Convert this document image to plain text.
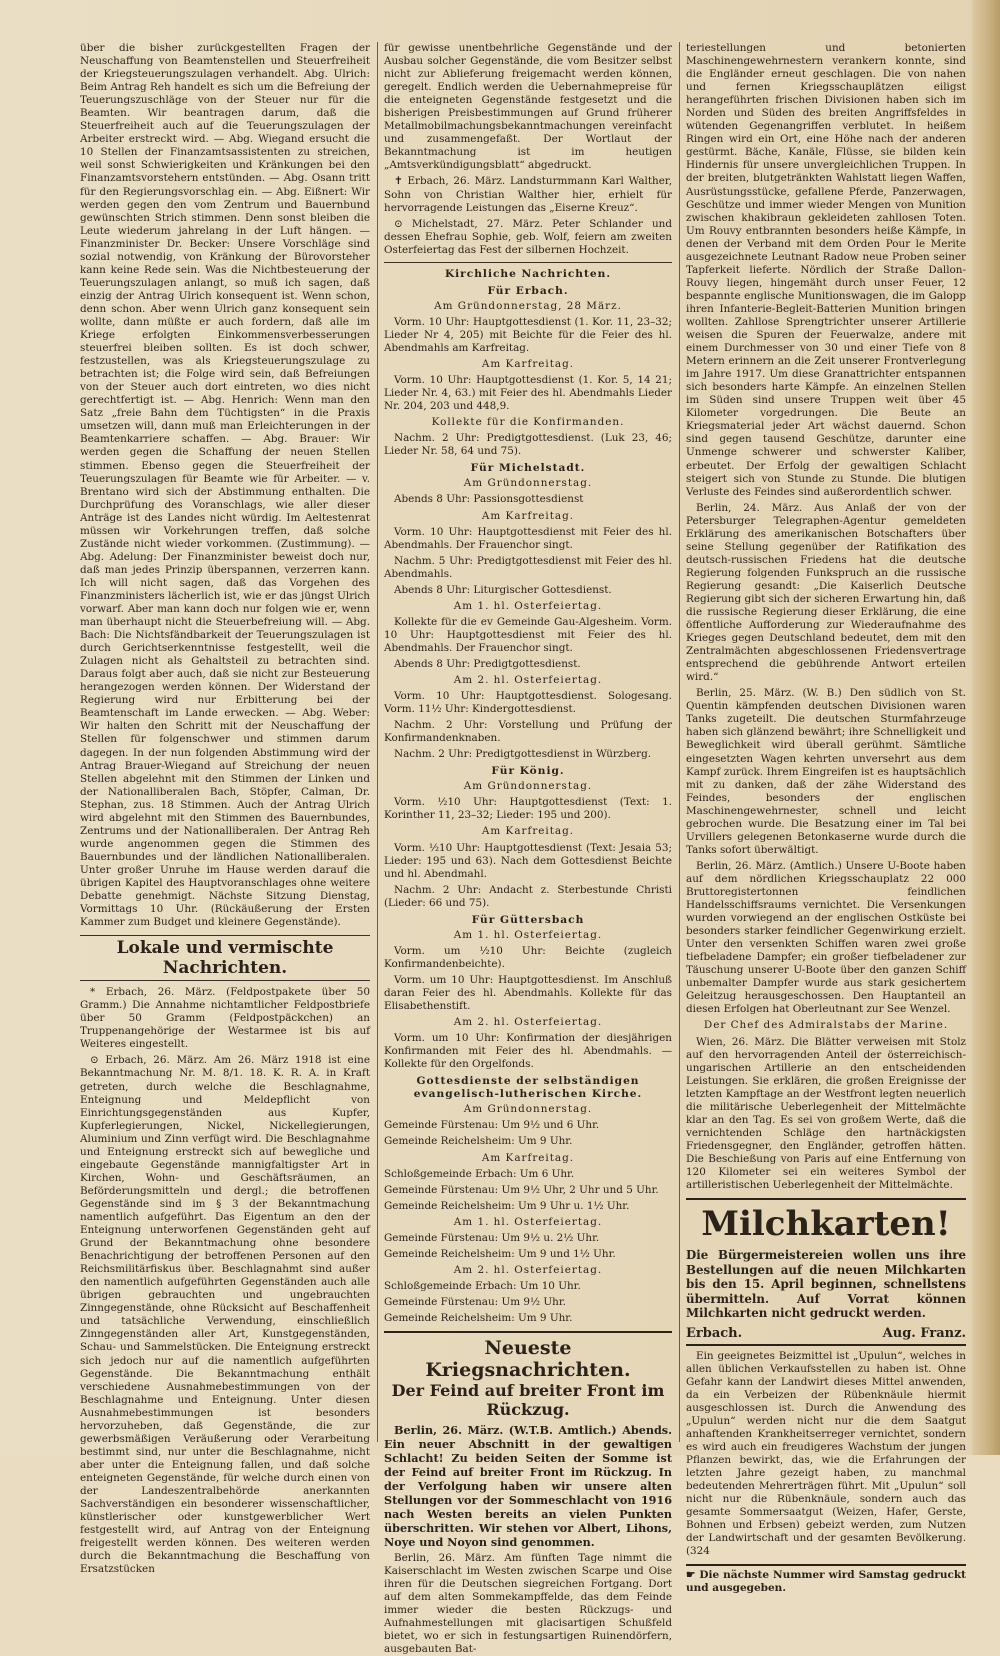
über die bisher zurückgestellten Fragen der Neuschaffung von Beamtenstellen und Steuerfreiheit der Kriegsteuerungszulagen verhandelt. Abg. Ulrich: Beim Antrag Reh handelt es sich um die Befreiung der Teuerungszuschläge von der Steuer nur für die Beamten. Wir beantragen darum, daß die Steuerfreiheit auch auf die Teuerungszulagen der Arbeiter erstreckt wird. — Abg. Wiegand ersucht die 10 Stellen der Finanzamtsassistenten zu streichen, weil sonst Schwierigkeiten und Kränkungen bei den Finanzamtsvorstehern entstünden. — Abg. Osann tritt für den Regierungsvorschlag ein. — Abg. Eißnert: Wir werden gegen den vom Zentrum und Bauernbund gewünschten Strich stimmen. Denn sonst bleiben die Leute wiederum jahrelang in der Luft hängen. — Finanzminister Dr. Becker: Unsere Vorschläge sind sozial notwendig, von Kränkung der Bürovorsteher kann keine Rede sein. Was die Nichtbesteuerung der Teuerungszulagen anlangt, so muß ich sagen, daß einzig der Antrag Ulrich konsequent ist. Wenn schon, denn schon. Aber wenn Ulrich ganz konsequent sein wollte, dann müßte er auch fordern, daß alle im Kriege erfolgten Einkommensverbesserungen steuerfrei bleiben sollten. Es ist doch schwer, festzustellen, was als Kriegsteuerungszulage zu betrachten ist; die Folge wird sein, daß Befreiungen von der Steuer auch dort eintreten, wo dies nicht gerechtfertigt ist. — Abg. Henrich: Wenn man den Satz „freie Bahn dem Tüchtigsten“ in die Praxis umsetzen will, dann muß man Erleichterungen in der Beamtenkarriere schaffen. — Abg. Brauer: Wir werden gegen die Schaffung der neuen Stellen stimmen. Ebenso gegen die Steuerfreiheit der Teuerungszulagen für Beamte wie für Arbeiter. — v. Brentano wird sich der Abstimmung enthalten. Die Durchprüfung des Voranschlags, wie aller dieser Anträge ist des Landes nicht würdig. Im Aeltestenrat müssen wir Vorkehrungen treffen, daß solche Zustände nicht wieder vorkommen. (Zustimmung). — Abg. Adelung: Der Finanzminister beweist doch nur, daß man jedes Prinzip überspannen, verzerren kann. Ich will nicht sagen, daß das Vorgehen des Finanzministers lächerlich ist, wie er das jüngst Ulrich vorwarf. Aber man kann doch nur folgen wie er, wenn man überhaupt nicht die Steuerbefreiung will. — Abg. Bach: Die Nichtsfändbarkeit der Teuerungszulagen ist durch Gerichtserkenntnisse festgestellt, weil die Zulagen nicht als Gehaltsteil zu betrachten sind. Daraus folgt aber auch, daß sie nicht zur Besteuerung herangezogen werden können. Der Widerstand der Regierung wird nur Erbitterung bei der Beamtenschaft im Lande erwecken. — Abg. Weber: Wir halten den Schritt mit der Neuschaffung der Stellen für folgenschwer und stimmen darum dagegen. In der nun folgenden Abstimmung wird der Antrag Brauer-Wiegand auf Streichung der neuen Stellen abgelehnt mit den Stimmen der Linken und der Nationalliberalen Bach, Stöpfer, Calman, Dr. Stephan, zus. 18 Stimmen. Auch der Antrag Ulrich wird abgelehnt mit den Stimmen des Bauernbundes, Zentrums und der Nationalliberalen. Der Antrag Reh wurde angenommen gegen die Stimmen des Bauernbundes und der ländlichen Nationalliberalen. Unter großer Unruhe im Hause werden darauf die übrigen Kapitel des Hauptvoranschlages ohne weitere Debatte genehmigt. Nächste Sitzung Dienstag, Vormittags 10 Uhr. (Rückäußerung der Ersten Kammer zum Budget und kleinere Gegenstände).

Lokale und vermischte Nachrichten.

* Erbach, 26. März. (Feldpostpakete über 50 Gramm.) Die Annahme nichtamtlicher Feldpostbriefe über 50 Gramm (Feldpostpäckchen) an Truppenangehörige der Westarmee ist bis auf Weiteres eingestellt.

⊙ Erbach, 26. März. Am 26. März 1918 ist eine Bekanntmachung Nr. M. 8/1. 18. K. R. A. in Kraft getreten, durch welche die Beschlagnahme, Enteignung und Meldepflicht von Einrichtungsgegenständen aus Kupfer, Kupferlegierungen, Nickel, Nickellegierungen, Aluminium und Zinn verfügt wird. Die Beschlagnahme und Enteignung erstreckt sich auf bewegliche und eingebaute Gegenstände mannigfaltigster Art in Kirchen, Wohn- und Geschäftsräumen, an Beförderungsmitteln und dergl.; die betroffenen Gegenstände sind im § 3 der Bekanntmachung namentlich aufgeführt. Das Eigentum an den der Enteignung unterworfenen Gegenständen geht auf Grund der Bekanntmachung ohne besondere Benachrichtigung der betroffenen Personen auf den Reichsmilitärfiskus über. Beschlagnahmt sind außer den namentlich aufgeführten Gegenständen auch alle übrigen gebrauchten und ungebrauchten Zinngegenstände, ohne Rücksicht auf Beschaffenheit und tatsächliche Verwendung, einschließlich Zinngegenständen aller Art, Kunstgegenständen, Schau- und Sammelstücken. Die Enteignung erstreckt sich jedoch nur auf die namentlich aufgeführten Gegenstände. Die Bekanntmachung enthält verschiedene Ausnahmebestimmungen von der Beschlagnahme und Enteignung. Unter diesen Ausnahmebestimmungen ist besonders hervorzuheben, daß Gegenstände, die zur gewerbsmäßigen Veräußerung oder Verarbeitung bestimmt sind, nur unter die Beschlagnahme, nicht aber unter die Enteignung fallen, und daß solche enteigneten Gegenstände, für welche durch einen von der Landeszentralbehörde anerkannten Sachverständigen ein besonderer wissenschaftlicher, künstlerischer oder kunstgewerblicher Wert festgestellt wird, auf Antrag von der Enteignung freigestellt werden können. Des weiteren werden durch die Bekanntmachung die Beschaffung von Ersatzstücken

für gewisse unentbehrliche Gegenstände und der Ausbau solcher Gegenstände, die vom Besitzer selbst nicht zur Ablieferung freigemacht werden können, geregelt. Endlich werden die Uebernahmepreise für die enteigneten Gegenstände festgesetzt und die bisherigen Preisbestimmungen auf Grund früherer Metallmobilmachungsbekanntmachungen vereinfacht und zusammengefaßt. Der Wortlaut der Bekanntmachung ist im heutigen „Amtsverkündigungsblatt“ abgedruckt.

✝ Erbach, 26. März. Landsturmmann Karl Walther, Sohn von Christian Walther hier, erhielt für hervorragende Leistungen das „Eiserne Kreuz“.

⊙ Michelstadt, 27. März. Peter Schlander und dessen Ehefrau Sophie, geb. Wolf, feiern am zweiten Osterfeiertag das Fest der silbernen Hochzeit.

Kirchliche Nachrichten.
Für Erbach.

Am Gründonnerstag, 28 März.

Vorm. 10 Uhr: Hauptgottesdienst (1. Kor. 11, 23–32; Lieder Nr 4, 205) mit Beichte für die Feier des hl. Abendmahls am Karfreitag.

Am Karfreitag.

Vorm. 10 Uhr: Hauptgottesdienst (1. Kor. 5, 14 21; Lieder Nr. 4, 63.) mit Feier des hl. Abendmahls Lieder Nr. 204, 203 und 448,9.

Kollekte für die Konfirmanden.

Nachm. 2 Uhr: Predigtgottesdienst. (Luk 23, 46; Lieder Nr. 58, 64 und 75).

Für Michelstadt.

Am Gründonnerstag.

Abends 8 Uhr: Passionsgottesdienst

Am Karfreitag.

Vorm. 10 Uhr: Hauptgottesdienst mit Feier des hl. Abendmahls. Der Frauenchor singt.

Nachm. 5 Uhr: Predigtgottesdienst mit Feier des hl. Abendmahls.

Abends 8 Uhr: Liturgischer Gottesdienst.

Am 1. hl. Osterfeiertag.

Kollekte für die ev Gemeinde Gau-Algesheim. Vorm. 10 Uhr: Hauptgottesdienst mit Feier des hl. Abendmahls. Der Frauenchor singt.

Abends 8 Uhr: Predigtgottesdienst.

Am 2. hl. Osterfeiertag.

Vorm. 10 Uhr: Hauptgottesdienst. Sologesang. Vorm. 11½ Uhr: Kindergottesdienst.

Nachm. 2 Uhr: Vorstellung und Prüfung der Konfirmandenknaben.

Nachm. 2 Uhr: Predigtgottesdienst in Würzberg.

Für König.

Am Gründonnerstag.

Vorm. ½10 Uhr: Hauptgottesdienst (Text: 1. Korinther 11, 23–32; Lieder: 195 und 200).

Am Karfreitag.

Vorm. ½10 Uhr: Hauptgottesdienst (Text: Jesaia 53; Lieder: 195 und 63). Nach dem Gottesdienst Beichte und hl. Abendmahl.

Nachm. 2 Uhr: Andacht z. Sterbestunde Christi (Lieder: 66 und 75).

Für Güttersbach

Am 1. hl. Osterfeiertag.

Vorm. um ½10 Uhr: Beichte (zugleich Konfirmandenbeichte).

Vorm. um 10 Uhr: Hauptgottesdienst. Im Anschluß daran Feier des hl. Abendmahls. Kollekte für das Elisabethenstift.

Am 2. hl. Osterfeiertag.

Vorm. um 10 Uhr: Konfirmation der diesjährigen Konfirmanden mit Feier des hl. Abendmahls. — Kollekte für den Orgelfonds.

Gottesdienste der selbständigen evangelisch-lutherischen Kirche.

Am Gründonnerstag.

Gemeinde Fürstenau: Um 9½ und 6 Uhr.

Gemeinde Reichelsheim: Um 9 Uhr.

Am Karfreitag.

Schloßgemeinde Erbach: Um 6 Uhr.

Gemeinde Fürstenau: Um 9½ Uhr, 2 Uhr und 5 Uhr.

Gemeinde Reichelsheim: Um 9 Uhr u. 1½ Uhr.

Am 1. hl. Osterfeiertag.

Gemeinde Fürstenau: Um 9½ u. 2½ Uhr.

Gemeinde Reichelsheim: Um 9 und 1½ Uhr.

Am 2. hl. Osterfeiertag.

Schloßgemeinde Erbach: Um 10 Uhr.

Gemeinde Fürstenau: Um 9½ Uhr.

Gemeinde Reichelsheim: Um 9 Uhr.

Neueste Kriegsnachrichten.
Der Feind auf breiter Front im Rückzug.

Berlin, 26. März. (W.T.B. Amtlich.) Abends. Ein neuer Abschnitt in der gewaltigen Schlacht! Zu beiden Seiten der Somme ist der Feind auf breiter Front im Rückzug. In der Verfolgung haben wir unsere alten Stellungen vor der Sommeschlacht von 1916 nach Westen bereits an vielen Punkten überschritten. Wir stehen vor Albert, Lihons, Noye und Noyon sind genommen.

Berlin, 26. März. Am fünften Tage nimmt die Kaiserschlacht im Westen zwischen Scarpe und Oise ihren für die Deutschen siegreichen Fortgang. Dort auf dem alten Sommekampffelde, das dem Feinde immer wieder die besten Rückzugs- und Aufnahmestellungen mit glacisartigen Schußfeld bietet, wo er sich in festungsartigen Ruinendörfern, ausgebauten Bat-

teriestellungen und betonierten Maschinengewehrnestern verankern konnte, sind die Engländer erneut geschlagen. Die von nahen und fernen Kriegsschauplätzen eiligst herangeführten frischen Divisionen haben sich im Norden und Süden des breiten Angriffsfeldes in wütenden Gegenangriffen verblutet. In heißem Ringen wird ein Ort, eine Höhe nach der anderen gestürmt. Bäche, Kanäle, Flüsse, sie bilden kein Hindernis für unsere unvergleichlichen Truppen. In der breiten, blutgetränkten Wahlstatt liegen Waffen, Ausrüstungsstücke, gefallene Pferde, Panzerwagen, Geschütze und immer wieder Mengen von Munition zwischen khakibraun gekleideten zahllosen Toten. Um Rouvy entbrannten besonders heiße Kämpfe, in denen der Verband mit dem Orden Pour le Merite ausgezeichnete Leutnant Radow neue Proben seiner Tapferkeit lieferte. Nördlich der Straße Dallon-Rouvy liegen, hingemäht durch unser Feuer, 12 bespannte englische Munitionswagen, die im Galopp ihren Infanterie-Begleit-Batterien Munition bringen wollten. Zahllose Sprengtrichter unserer Artillerie weisen die Spuren der Feuerwalze, andere mit einem Durchmesser von 30 und einer Tiefe von 8 Metern erinnern an die Zeit unserer Frontverlegung im Jahre 1917. Um diese Granattrichter entspannen sich besonders harte Kämpfe. An einzelnen Stellen im Süden sind unsere Truppen weit über 45 Kilometer vorgedrungen. Die Beute an Kriegsmaterial jeder Art wächst dauernd. Schon sind gegen tausend Geschütze, darunter eine Unmenge schwerer und schwerster Kaliber, erbeutet. Der Erfolg der gewaltigen Schlacht steigert sich von Stunde zu Stunde. Die blutigen Verluste des Feindes sind außerordentlich schwer.

Berlin, 24. März. Aus Anlaß der von der Petersburger Telegraphen-Agentur gemeldeten Erklärung des amerikanischen Botschafters über seine Stellung gegenüber der Ratifikation des deutsch-russischen Friedens hat die deutsche Regierung folgenden Funkspruch an die russische Regierung gesandt: „Die Kaiserlich Deutsche Regierung gibt sich der sicheren Erwartung hin, daß die russische Regierung dieser Erklärung, die eine öffentliche Aufforderung zur Wiederaufnahme des Krieges gegen Deutschland bedeutet, dem mit den Zentralmächten abgeschlossenen Friedensvertrage entsprechend die gebührende Antwort erteilen wird.“

Berlin, 25. März. (W. B.) Den südlich von St. Quentin kämpfenden deutschen Divisionen waren Tanks zugeteilt. Die deutschen Sturmfahrzeuge haben sich glänzend bewährt; ihre Schnelligkeit und Beweglichkeit wird überall gerühmt. Sämtliche eingesetzten Wagen kehrten unversehrt aus dem Kampf zurück. Ihrem Eingreifen ist es hauptsächlich mit zu danken, daß der zähe Widerstand des Feindes, besonders der englischen Maschinengewehrnester, schnell und leicht gebrochen wurde. Die Besatzung einer im Tal bei Urvillers gelegenen Betonkaserne wurde durch die Tanks sofort überwältigt.

Berlin, 26. März. (Amtlich.) Unsere U-Boote haben auf dem nördlichen Kriegsschauplatz 22 000 Bruttoregistertonnen feindlichen Handelsschiffsraums vernichtet. Die Versenkungen wurden vorwiegend an der englischen Ostküste bei besonders starker feindlicher Gegenwirkung erzielt. Unter den versenkten Schiffen waren zwei große tiefbeladene Dampfer; ein großer tiefbeladener zur Täuschung unserer U-Boote über den ganzen Schiff unbemalter Dampfer wurde aus stark gesichertem Geleitzug herausgeschossen. Den Hauptanteil an diesen Erfolgen hat Oberleutnant zur See Wenzel.

Der Chef des Admiralstabs der Marine.

Wien, 26. März. Die Blätter verweisen mit Stolz auf den hervorragenden Anteil der österreichisch-ungarischen Artillerie an den entscheidenden Leistungen. Sie erklären, die großen Ereignisse der letzten Kampftage an der Westfront legten neuerlich die militärische Ueberlegenheit der Mittelmächte klar an den Tag. Es sei von großem Werte, daß die vernichtenden Schläge den hartnäckigsten Friedensgegner, den Engländer, getroffen hätten. Die Beschießung von Paris auf eine Entfernung von 120 Kilometer sei ein weiteres Symbol der artilleristischen Ueberlegenheit der Mittelmächte.

Milchkarten!
Die Bürgermeistereien wollen uns ihre Bestellungen auf die neuen Milchkarten bis den 15. April beginnen, schnellstens übermitteln. Auf Vorrat können Milchkarten nicht gedruckt werden.
Erbach.	Aug. Franz.

Ein geeignetes Beizmittel ist „Upulun“, welches in allen üblichen Verkaufsstellen zu haben ist. Ohne Gefahr kann der Landwirt dieses Mittel anwenden, da ein Verbeizen der Rübenknäule hiermit ausgeschlossen ist. Durch die Anwendung des „Upulun“ werden nicht nur die dem Saatgut anhaftenden Krankheitserreger vernichtet, sondern es wird auch ein freudigeres Wachstum der jungen Pflanzen bewirkt, das, wie die Erfahrungen der letzten Jahre gezeigt haben, zu manchmal bedeutenden Mehrerträgen führt. Mit „Upulun“ soll nicht nur die Rübenknäule, sondern auch das gesamte Sommersaatgut (Weizen, Hafer, Gerste, Bohnen und Erbsen) gebeizt werden, zum Nutzen der Landwirtschaft und der gesamten Bevölkerung. (324

☛ Die nächste Nummer wird Samstag gedruckt und ausgegeben.
